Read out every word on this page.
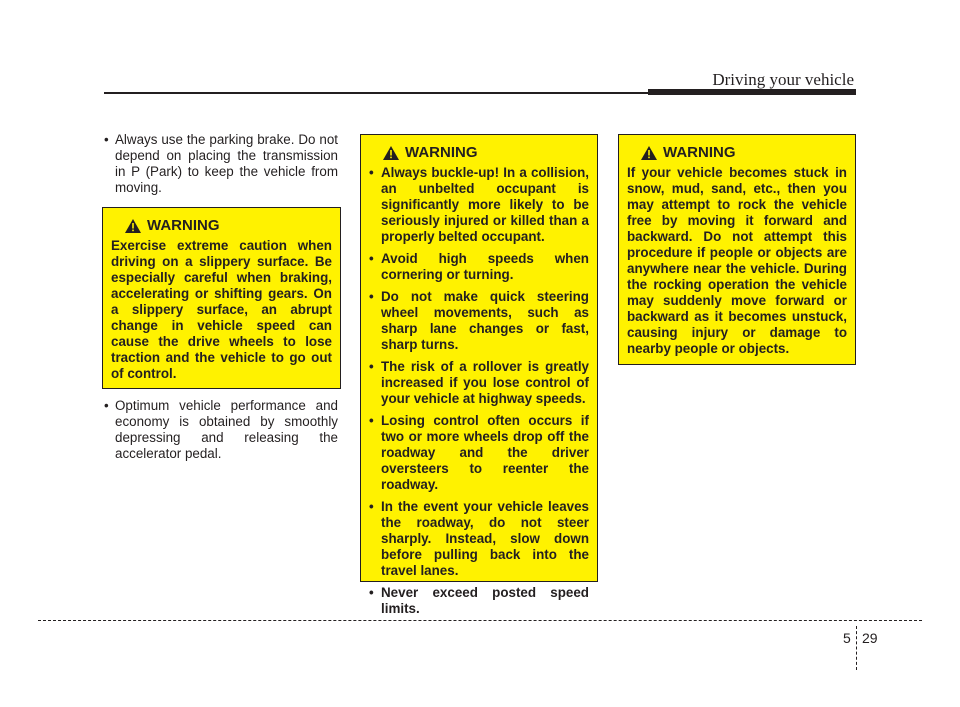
Driving your vehicle

• Always use the parking brake. Do not depend on placing the transmission in P (Park) to keep the vehicle from moving.

WARNING

Exercise extreme caution when driving on a slippery surface. Be especially careful when braking, accelerating or shifting gears. On a slippery surface, an abrupt change in vehicle speed can cause the drive wheels to lose traction and the vehicle to go out of control.

• Optimum vehicle performance and economy is obtained by smoothly depressing and releasing the accelerator pedal.

WARNING
• Always buckle-up! In a collision, an unbelted occupant is significantly more likely to be seriously injured or killed than a properly belted occupant.
• Avoid high speeds when cornering or turning.
• Do not make quick steering wheel movements, such as sharp lane changes or fast, sharp turns.
• The risk of a rollover is greatly increased if you lose control of your vehicle at highway speeds.
• Losing control often occurs if two or more wheels drop off the roadway and the driver oversteers to reenter the roadway.
• In the event your vehicle leaves the roadway, do not steer sharply. Instead, slow down before pulling back into the travel lanes.
• Never exceed posted speed limits.
WARNING

If your vehicle becomes stuck in snow, mud, sand, etc., then you may attempt to rock the vehicle free by moving it forward and backward. Do not attempt this procedure if people or objects are anywhere near the vehicle. During the rocking operation the vehicle may suddenly move forward or backward as it becomes unstuck, causing injury or damage to nearby people or objects.

5 29
